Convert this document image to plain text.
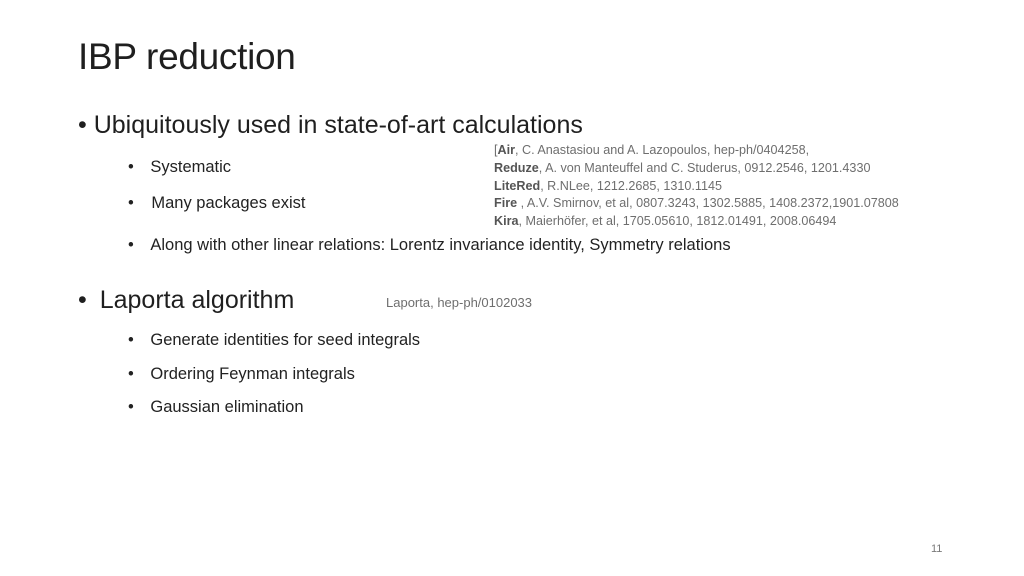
IBP reduction
• Ubiquitously used in state-of-art calculations
• Systematic
• Many packages exist
[Air, C. Anastasiou and A. Lazopoulos, hep-ph/0404258,
Reduze, A. von Manteuffel and C. Studerus, 0912.2546, 1201.4330
LiteRed, R.NLee, 1212.2685, 1310.1145
Fire , A.V. Smirnov, et al, 0807.3243, 1302.5885, 1408.2372,1901.07808
Kira, Maierhöfer, et al, 1705.05610, 1812.01491, 2008.06494
• Along with other linear relations: Lorentz invariance identity, Symmetry relations
• Laporta algorithm	Laporta, hep-ph/0102033
• Generate identities for seed integrals
• Ordering Feynman integrals
• Gaussian elimination
11
